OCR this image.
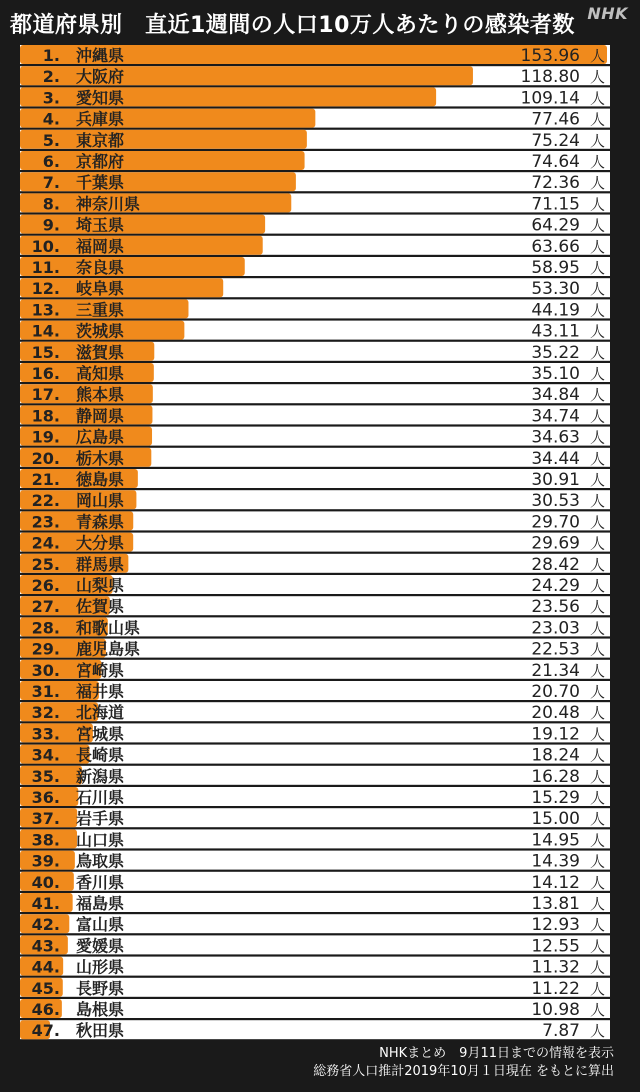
都道府県別　直近1週間の人口10万人あたりの感染者数 NHK
1. 沖縄県	153.96 人
2. 大阪府	118.80 人
3. 愛知県	109.14 人
4. 兵庫県	77.46 人
5. 東京都	75.24 人
6. 京都府	74.64 人
7. 千葉県	72.36 人
8. 神奈川県	71.15 人
9. 埼玉県	64.29 人
10. 福岡県	63.66 人
11. 奈良県	58.95 人
12. 岐阜県	53.30 人
13. 三重県	44.19 人
14. 茨城県	43.11 人
15. 滋賀県	35.22 人
16. 高知県	35.10 人
17. 熊本県	34.84 人
18. 静岡県	34.74 人
19. 広島県	34.63 人
20. 栃木県	34.44 人
21. 徳島県	30.91 人
22. 岡山県	30.53 人
23. 青森県	29.70 人
24. 大分県	29.69 人
25. 群馬県	28.42 人
26. 山梨県	24.29 人
27. 佐賀県	23.56 人
28. 和歌山県	23.03 人
29. 鹿児島県	22.53 人
30. 宮崎県	21.34 人
31. 福井県	20.70 人
32. 北海道	20.48 人
33. 宮城県	19.12 人
34. 長崎県	18.24 人
35. 新潟県	16.28 人
36. 石川県	15.29 人
37. 岩手県	15.00 人
38. 山口県	14.95 人
39. 鳥取県	14.39 人
40. 香川県	14.12 人
41. 福島県	13.81 人
42. 富山県	12.93 人
43. 愛媛県	12.55 人
44. 山形県	11.32 人
45. 長野県	11.22 人
46. 島根県	10.98 人
47. 秋田県	7.87 人
NHKまとめ　9月11日までの情報を表示
総務省人口推計2019年10月１日現在 をもとに算出
